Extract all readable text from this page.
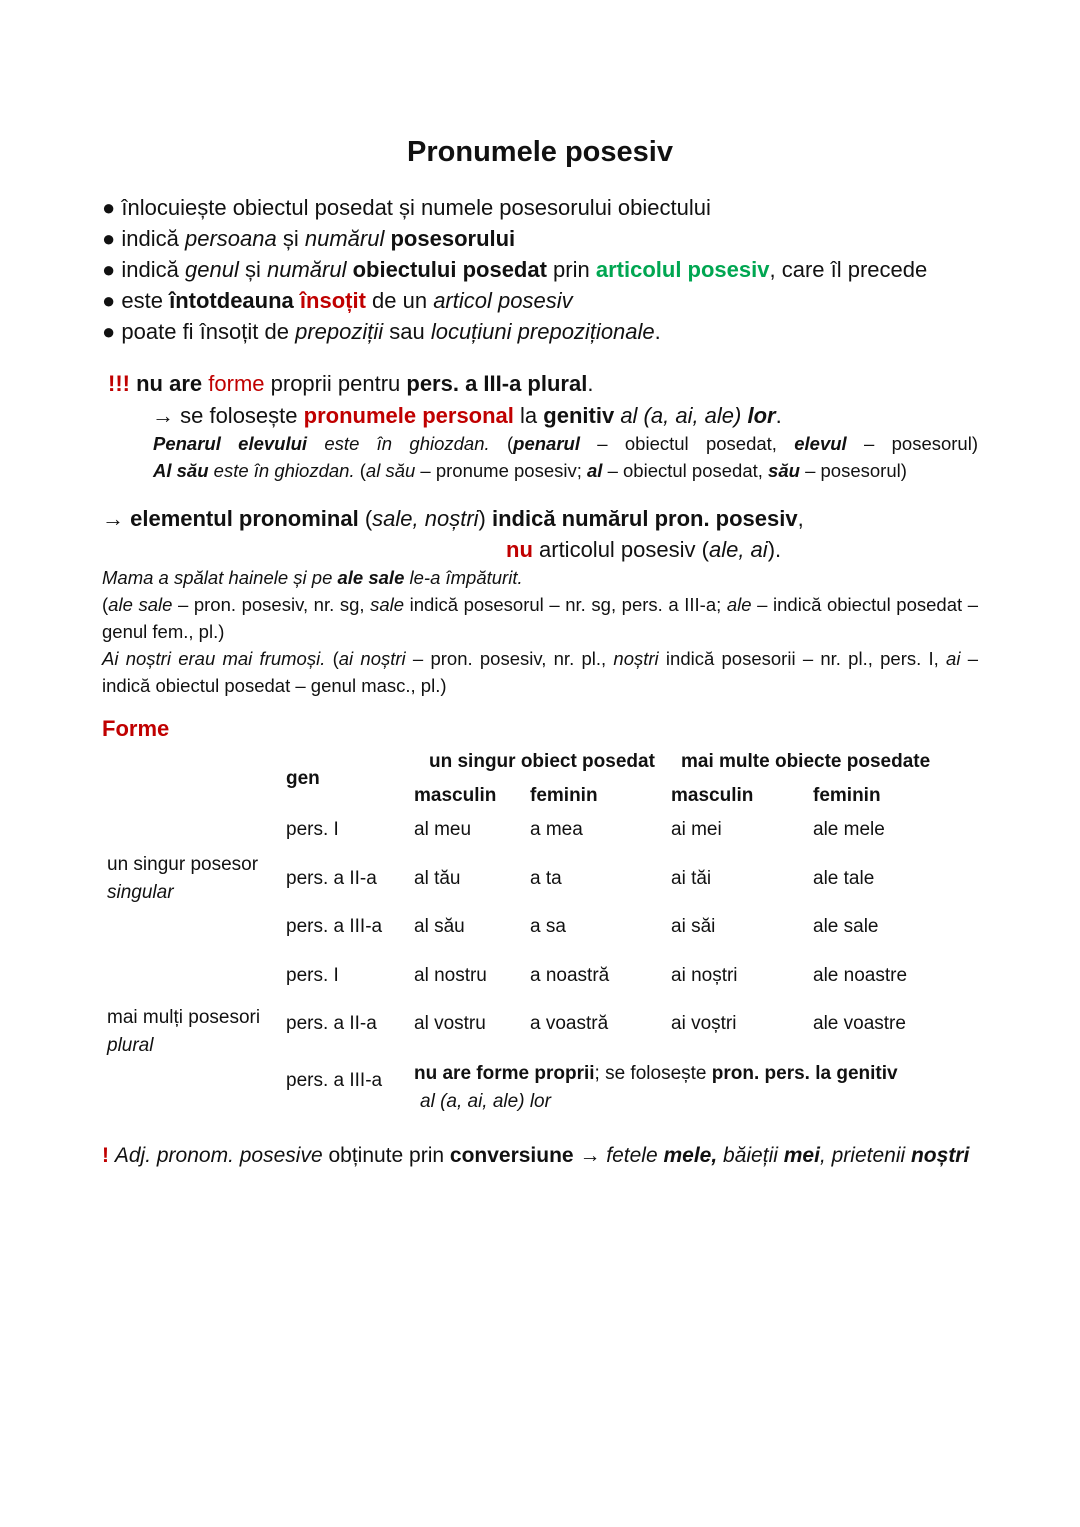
Pronumele posesiv
● înlocuiește obiectul posedat și numele posesorului obiectului
● indică persoana și numărul posesorului
● indică genul și numărul obiectului posedat prin articolul posesiv, care îl precede
● este întotdeauna însoțit de un articol posesiv
● poate fi însoțit de prepoziții sau locuțiuni prepoziționale.
!!! nu are forme proprii pentru pers. a III-a plural.
→ se folosește pronumele personal la genitiv al (a, ai, ale) lor.
Penarul elevului este în ghiozdan. (penarul – obiectul posedat, elevul – posesorul)
Al său este în ghiozdan. (al său – pronume posesiv; al – obiectul posedat, său – posesorul)
→ elementul pronominal (sale, noștri) indică numărul pron. posesiv,
nu articolul posesiv (ale, ai).
Mama a spălat hainele și pe ale sale le-a împăturit.
(ale sale – pron. posesiv, nr. sg, sale indică posesorul – nr. sg, pers. a III-a; ale – indică obiectul posedat – genul fem., pl.)
Ai noștri erau mai frumoși. (ai noștri – pron. posesiv, nr. pl., noștri indică posesorii – nr. pl., pers. I, ai – indică obiectul posedat – genul masc., pl.)
Forme
gen
un singur obiect posedat mai multe obiecte posedate
masculin feminin	masculin	feminin
un singur posesor
singular
mai mulți posesori
plural
pers. I	al meu	a mea	ai mei	ale mele
pers. a II-a al tău	a ta	ai tăi	ale tale
pers. a III-a al său	a sa	ai săi	ale sale
pers. I	al nostru a noastră	ai noștri	ale noastre
pers. a II-a al vostru a voastră	ai voștri	ale voastre
pers. a III-a nu are forme proprii; se folosește pron. pers. la genitiv
al (a, ai, ale) lor
! Adj. pronom. posesive obținute prin conversiune → fetele mele, băieții mei, prietenii noștri
